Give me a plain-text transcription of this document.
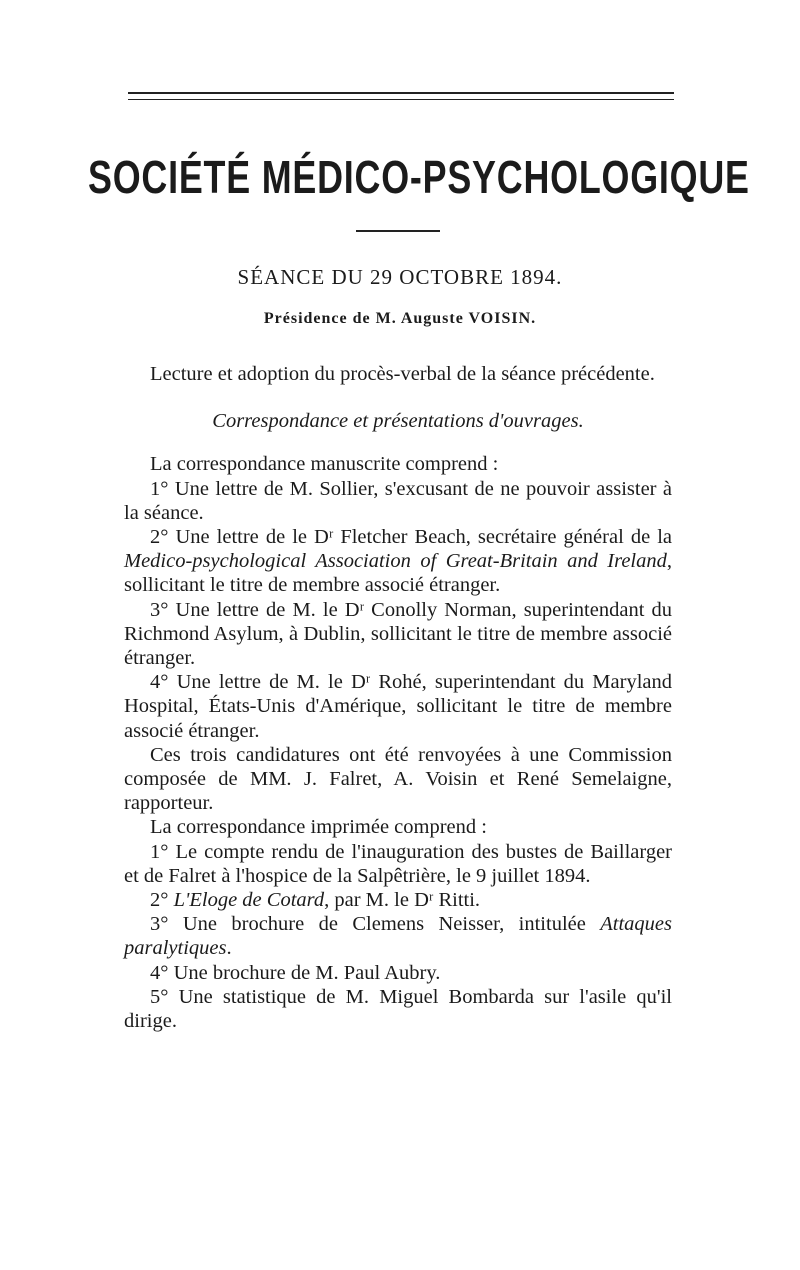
SOCIÉTÉ MÉDICO-PSYCHOLOGIQUE
SÉANCE DU 29 OCTOBRE 1894.
Présidence de M. Auguste VOISIN.

Lecture et adoption du procès-verbal de la séance précédente.

Correspondance et présentations d'ouvrages.

La correspondance manuscrite comprend :

1° Une lettre de M. Sollier, s'excusant de ne pouvoir assister à la séance.

2° Une lettre de le Dʳ Fletcher Beach, secrétaire général de la Medico-psychological Association of Great-Britain and Ireland, sollicitant le titre de membre associé étranger.

3° Une lettre de M. le Dʳ Conolly Norman, superintendant du Richmond Asylum, à Dublin, sollicitant le titre de membre associé étranger.

4° Une lettre de M. le Dʳ Rohé, superintendant du Maryland Hospital, États-Unis d'Amérique, sollicitant le titre de membre associé étranger.

Ces trois candidatures ont été renvoyées à une Commission composée de MM. J. Falret, A. Voisin et René Semelaigne, rapporteur.

La correspondance imprimée comprend :

1° Le compte rendu de l'inauguration des bustes de Baillarger et de Falret à l'hospice de la Salpêtrière, le 9 juillet 1894.

2° L'Eloge de Cotard, par M. le Dʳ Ritti.

3° Une brochure de Clemens Neisser, intitulée Attaques paralytiques.

4° Une brochure de M. Paul Aubry.

5° Une statistique de M. Miguel Bombarda sur l'asile qu'il dirige.
